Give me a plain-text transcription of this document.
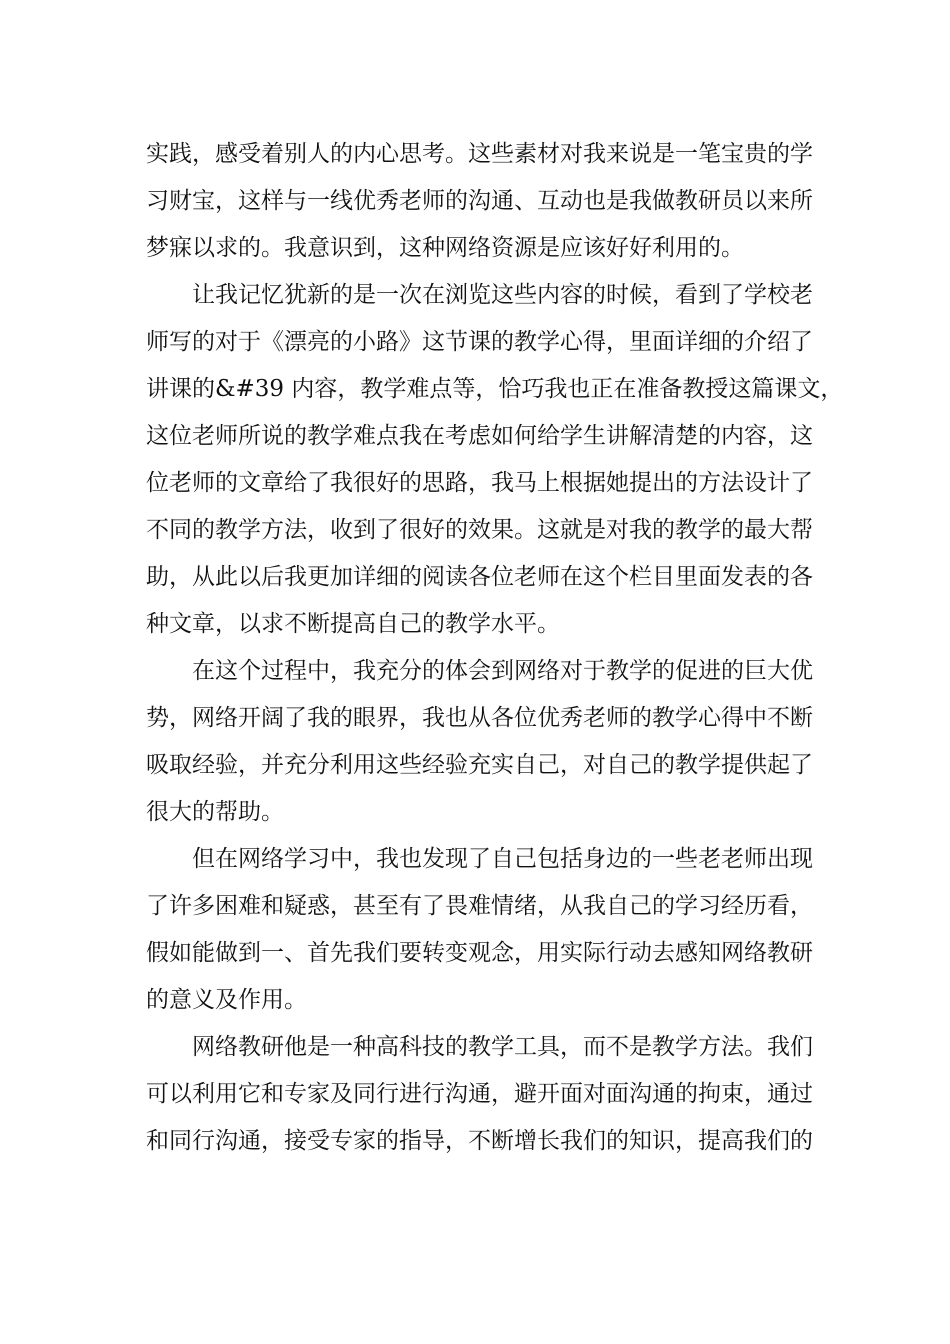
实践，感受着别人的内心思考。这些素材对我来说是一笔宝贵的学
习财宝，这样与一线优秀老师的沟通、互动也是我做教研员以来所
梦寐以求的。我意识到，这种网络资源是应该好好利用的。
让我记忆犹新的是一次在浏览这些内容的时候，看到了学校老
师写的对于《漂亮的小路》这节课的教学心得，里面详细的介绍了
讲课的&#39 内容，教学难点等，恰巧我也正在准备教授这篇课文，
这位老师所说的教学难点我在考虑如何给学生讲解清楚的内容，这
位老师的文章给了我很好的思路，我马上根据她提出的方法设计了
不同的教学方法，收到了很好的效果。这就是对我的教学的最大帮
助，从此以后我更加详细的阅读各位老师在这个栏目里面发表的各
种文章，以求不断提高自己的教学水平。
在这个过程中，我充分的体会到网络对于教学的促进的巨大优
势，网络开阔了我的眼界，我也从各位优秀老师的教学心得中不断
吸取经验，并充分利用这些经验充实自己，对自己的教学提供起了
很大的帮助。
但在网络学习中，我也发现了自己包括身边的一些老老师出现
了许多困难和疑惑，甚至有了畏难情绪，从我自己的学习经历看，
假如能做到一、首先我们要转变观念，用实际行动去感知网络教研
的意义及作用。
网络教研他是一种高科技的教学工具，而不是教学方法。我们
可以利用它和专家及同行进行沟通，避开面对面沟通的拘束，通过
和同行沟通，接受专家的指导，不断增长我们的知识，提高我们的
